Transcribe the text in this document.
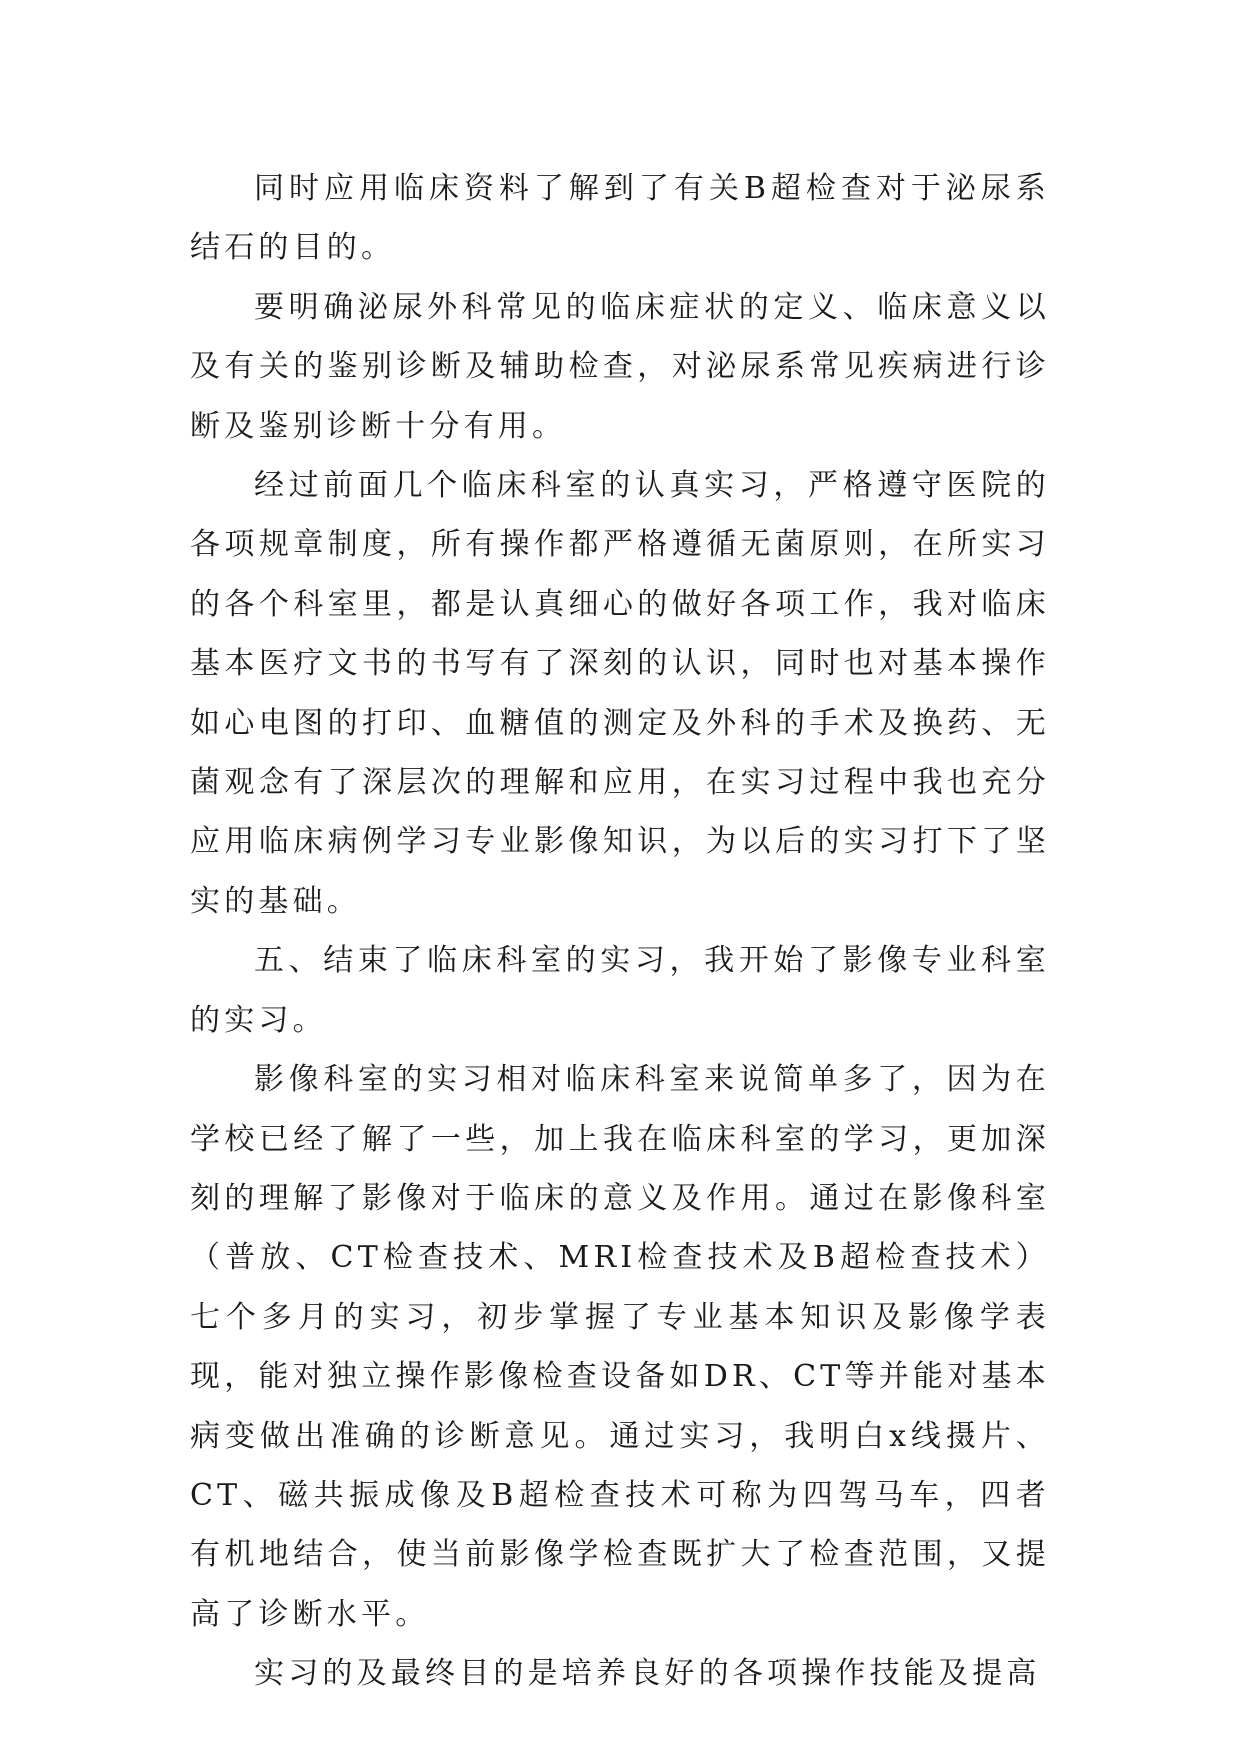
同时应用临床资料了解到了有关B超检查对于泌尿系结石的目的。

要明确泌尿外科常见的临床症状的定义、临床意义以及有关的鉴别诊断及辅助检查，对泌尿系常见疾病进行诊断及鉴别诊断十分有用。

经过前面几个临床科室的认真实习，严格遵守医院的各项规章制度，所有操作都严格遵循无菌原则，在所实习的各个科室里，都是认真细心的做好各项工作，我对临床基本医疗文书的书写有了深刻的认识，同时也对基本操作如心电图的打印、血糖值的测定及外科的手术及换药、无菌观念有了深层次的理解和应用，在实习过程中我也充分应用临床病例学习专业影像知识，为以后的实习打下了坚实的基础。

五、结束了临床科室的实习，我开始了影像专业科室的实习。

影像科室的实习相对临床科室来说简单多了，因为在学校已经了解了一些，加上我在临床科室的学习，更加深刻的理解了影像对于临床的意义及作用。通过在影像科室（普放、CT检查技术、MRI检查技术及B超检查技术）七个多月的实习，初步掌握了专业基本知识及影像学表现，能对独立操作影像检查设备如DR、CT等并能对基本病变做出准确的诊断意见。通过实习，我明白x线摄片、CT、磁共振成像及B超检查技术可称为四驾马车，四者有机地结合，使当前影像学检查既扩大了检查范围，又提高了诊断水平。

实习的及最终目的是培养良好的各项操作技能及提高
